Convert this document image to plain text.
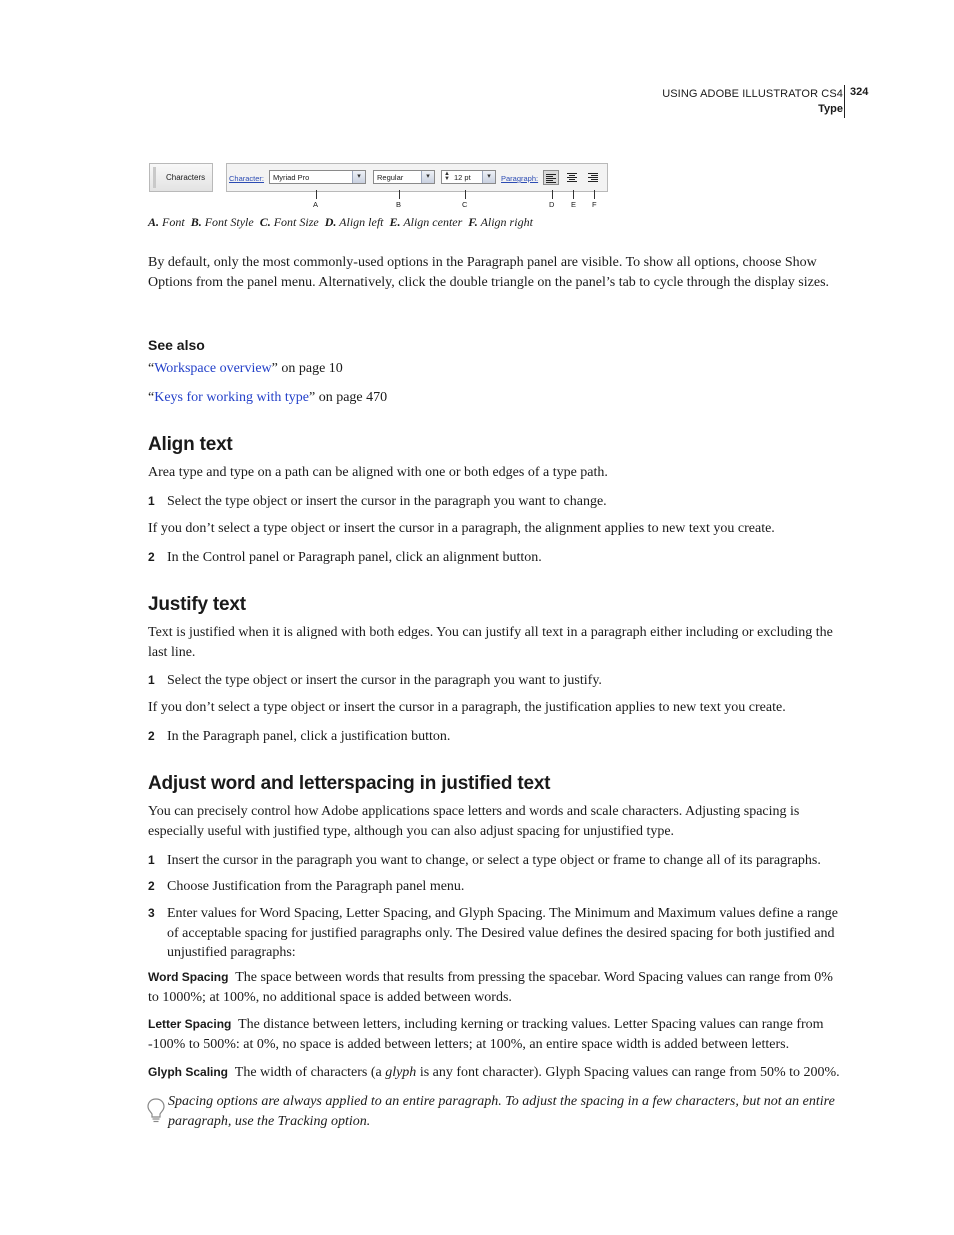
USING ADOBE ILLUSTRATOR CS4
Type
324
Characters	Character:	Myriad Pro	▾	Regular	▾	▲
▼ 12 pt	▾	Paragraph:
A	B	C	D E F
A. Font B. Font Style C. Font Size D. Align left E. Align center F. Align right
By default, only the most commonly-used options in the Paragraph panel are visible. To show all options, choose Show Options from the panel menu. Alternatively, click the double triangle on the panel’s tab to cycle through the display sizes.
See also
“Workspace overview” on page 10
“Keys for working with type” on page 470
Align text
Area type and type on a path can be aligned with one or both edges of a type path.
1 Select the type object or insert the cursor in the paragraph you want to change.
If you don’t select a type object or insert the cursor in a paragraph, the alignment applies to new text you create.
2 In the Control panel or Paragraph panel, click an alignment button.
Justify text
Text is justified when it is aligned with both edges. You can justify all text in a paragraph either including or excluding the last line.
1 Select the type object or insert the cursor in the paragraph you want to justify.
If you don’t select a type object or insert the cursor in a paragraph, the justification applies to new text you create.
2 In the Paragraph panel, click a justification button.
Adjust word and letterspacing in justified text
You can precisely control how Adobe applications space letters and words and scale characters. Adjusting spacing is especially useful with justified type, although you can also adjust spacing for unjustified type.
1 Insert the cursor in the paragraph you want to change, or select a type object or frame to change all of its paragraphs.
2 Choose Justification from the Paragraph panel menu.
3 Enter values for Word Spacing, Letter Spacing, and Glyph Spacing. The Minimum and Maximum values define a range of acceptable spacing for justified paragraphs only. The Desired value defines the desired spacing for both justified and unjustified paragraphs:
Word Spacing The space between words that results from pressing the spacebar. Word Spacing values can range from 0% to 1000%; at 100%, no additional space is added between words.
Letter Spacing The distance between letters, including kerning or tracking values. Letter Spacing values can range from -100% to 500%: at 0%, no space is added between letters; at 100%, an entire space width is added between letters.
Glyph Scaling The width of characters (a glyph is any font character). Glyph Spacing values can range from 50% to 200%.
Spacing options are always applied to an entire paragraph. To adjust the spacing in a few characters, but not an entire paragraph, use the Tracking option.
